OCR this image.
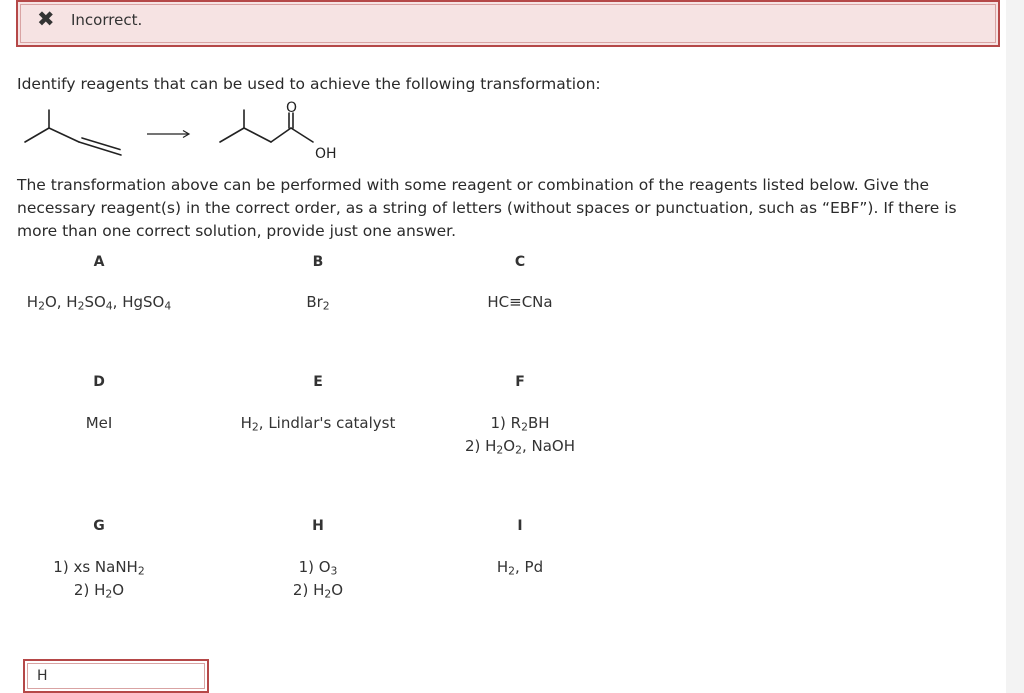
✖ Incorrect.
Identify reagents that can be used to achieve the following transformation:
O
OH
The transformation above can be performed with some reagent or combination of the reagents listed below. Give the necessary reagent(s) in the correct order, as a string of letters (without spaces or punctuation, such as “EBF”). If there is more than one correct solution, provide just one answer.
A
$H_2O$, $H_2SO_4$, HgSO$_4$
B
$Br_2$
C
HC≡CNa
D
MeI
E
$H_2$, Lindlar's catalyst
F
1) $R_2BH$
2) $H_2O_2$, NaOH
G
1) xs NaNH$_2$
2) $H_2O$
H
1) $O_3$
2) $H_2O$
I
$H_2$, Pd
H
